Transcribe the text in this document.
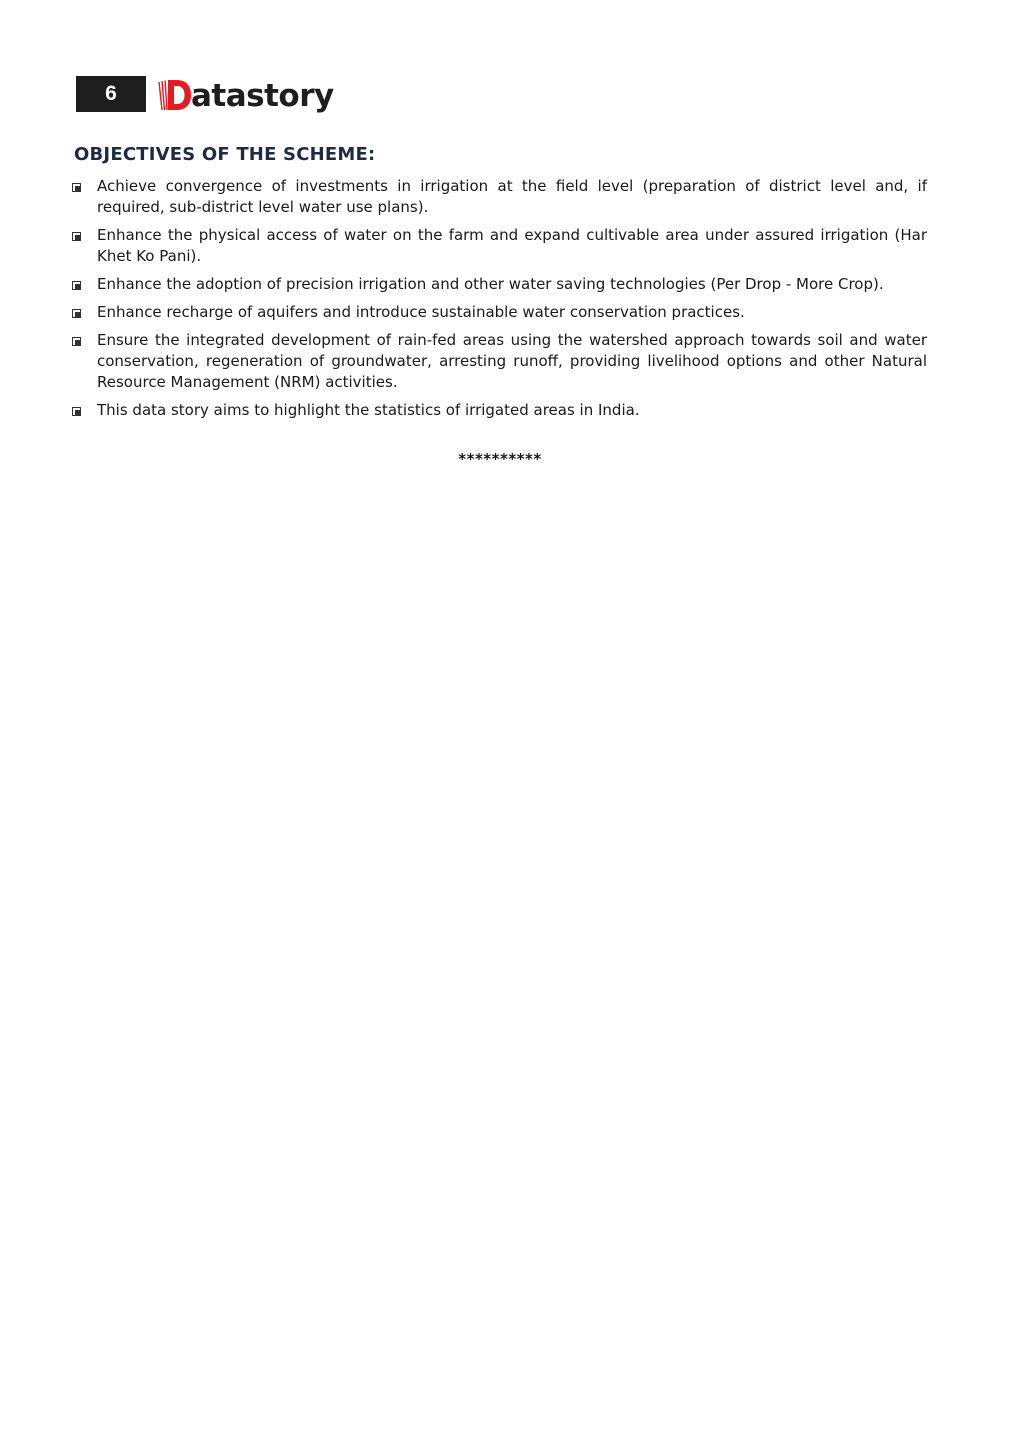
6	atastory
OBJECTIVES OF THE SCHEME:
Achieve convergence of investments in irrigation at the field level (preparation of district level and, if required, sub-district level water use plans).
Enhance the physical access of water on the farm and expand cultivable area under assured irrigation (Har Khet Ko Pani).
Enhance the adoption of precision irrigation and other water saving technologies (Per Drop - More Crop).
Enhance recharge of aquifers and introduce sustainable water conservation practices.
Ensure the integrated development of rain-fed areas using the watershed approach towards soil and water conservation, regeneration of groundwater, arresting runoff, providing livelihood options and other Natural Resource Management (NRM) activities.
This data story aims to highlight the statistics of irrigated areas in India.
**********
